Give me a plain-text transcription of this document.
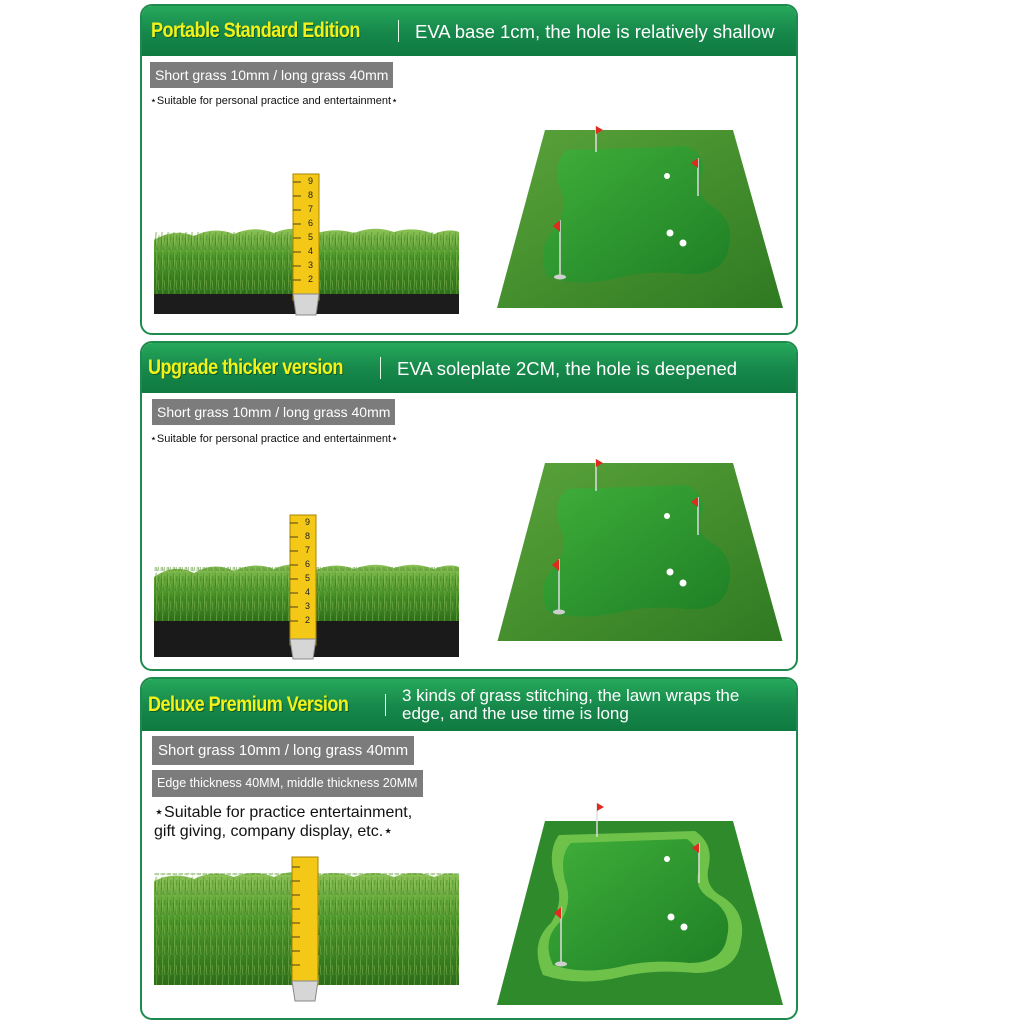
Portable Standard Edition	EVA base 1cm, the hole is relatively shallow
Short grass 10mm / long grass 40mm
⋆Suitable for personal practice and entertainment⋆
9
8
7
6
5
4
3
2
Upgrade thicker version	EVA soleplate 2CM, the hole is deepened
Short grass 10mm / long grass 40mm
⋆Suitable for personal practice and entertainment⋆
9
8
7
6
5
4
3
2
Deluxe Premium Version	3 kinds of grass stitching, the lawn wraps the
edge, and the use time is long
Short grass 10mm / long grass 40mm
Edge thickness 40MM, middle thickness 20MM
⋆Suitable for practice entertainment,
gift giving, company display, etc.⋆
